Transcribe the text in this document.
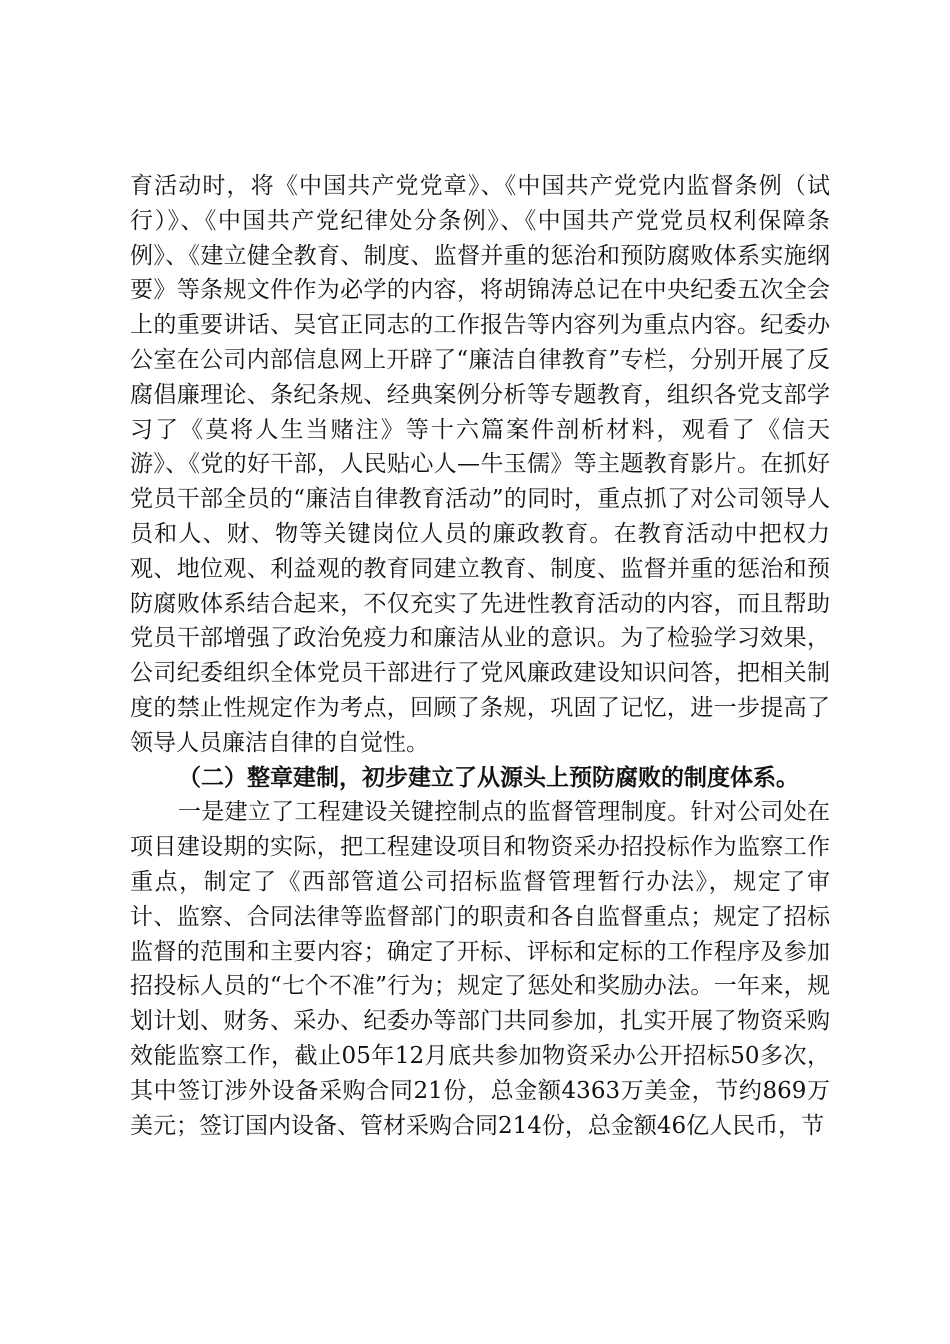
育活动时，将《中国共产党党章》、《中国共产党党内监督条例（试行）》、《中国共产党纪律处分条例》、《中国共产党党员权利保障条例》、《建立健全教育、制度、监督并重的惩治和预防腐败体系实施纲要》等条规文件作为必学的内容，将胡锦涛总记在中央纪委五次全会上的重要讲话、吴官正同志的工作报告等内容列为重点内容。纪委办公室在公司内部信息网上开辟了“廉洁自律教育”专栏，分别开展了反腐倡廉理论、条纪条规、经典案例分析等专题教育，组织各党支部学习了《莫将人生当赌注》等十六篇案件剖析材料，观看了《信天游》、《党的好干部，人民贴心人—牛玉儒》等主题教育影片。在抓好党员干部全员的“廉洁自律教育活动”的同时，重点抓了对公司领导人员和人、财、物等关键岗位人员的廉政教育。在教育活动中把权力观、地位观、利益观的教育同建立教育、制度、监督并重的惩治和预防腐败体系结合起来，不仅充实了先进性教育活动的内容，而且帮助党员干部增强了政治免疫力和廉洁从业的意识。为了检验学习效果，公司纪委组织全体党员干部进行了党风廉政建设知识问答，把相关制度的禁止性规定作为考点，回顾了条规，巩固了记忆，进一步提高了领导人员廉洁自律的自觉性。

（二）整章建制，初步建立了从源头上预防腐败的制度体系。

一是建立了工程建设关键控制点的监督管理制度。针对公司处在项目建设期的实际，把工程建设项目和物资采办招投标作为监察工作重点，制定了《西部管道公司招标监督管理暂行办法》，规定了审计、监察、合同法律等监督部门的职责和各自监督重点；规定了招标监督的范围和主要内容；确定了开标、评标和定标的工作程序及参加招投标人员的“七个不准”行为；规定了惩处和奖励办法。一年来，规划计划、财务、采办、纪委办等部门共同参加，扎实开展了物资采购效能监察工作，截止05年12月底共参加物资采办公开招标50多次，其中签订涉外设备采购合同21份，总金额4363万美金，节约869万美元；签订国内设备、管材采购合同214份，总金额46亿人民币，节
